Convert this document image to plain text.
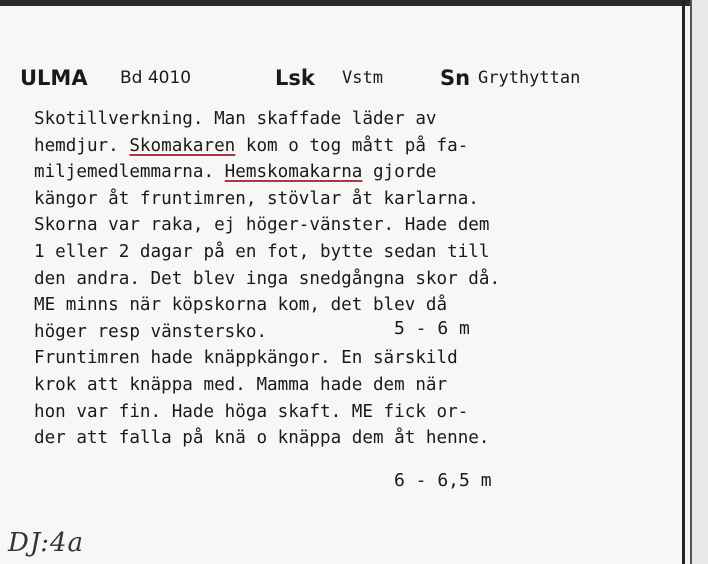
ULMA Bd 4010	Lsk Vstm	Sn Grythyttan
Skotillverkning. Man skaffade läder av
hemdjur. Skomakaren kom o tog mått på fa-
miljemedlemmarna. Hemskomakarna gjorde
kängor åt fruntimren, stövlar åt karlarna.
Skorna var raka, ej höger-vänster. Hade dem
1 eller 2 dagar på en fot, bytte sedan till
den andra. Det blev inga snedgångna skor då.
ME minns när köpskorna kom, det blev då
höger resp vänstersko.
Fruntimren hade knäppkängor. En särskild
krok att knäppa med. Mamma hade dem när
hon var fin. Hade höga skaft. ME fick or-
der att falla på knä o knäppa dem åt henne.
5 - 6 m
6 - 6,5 m
DJ:4a
